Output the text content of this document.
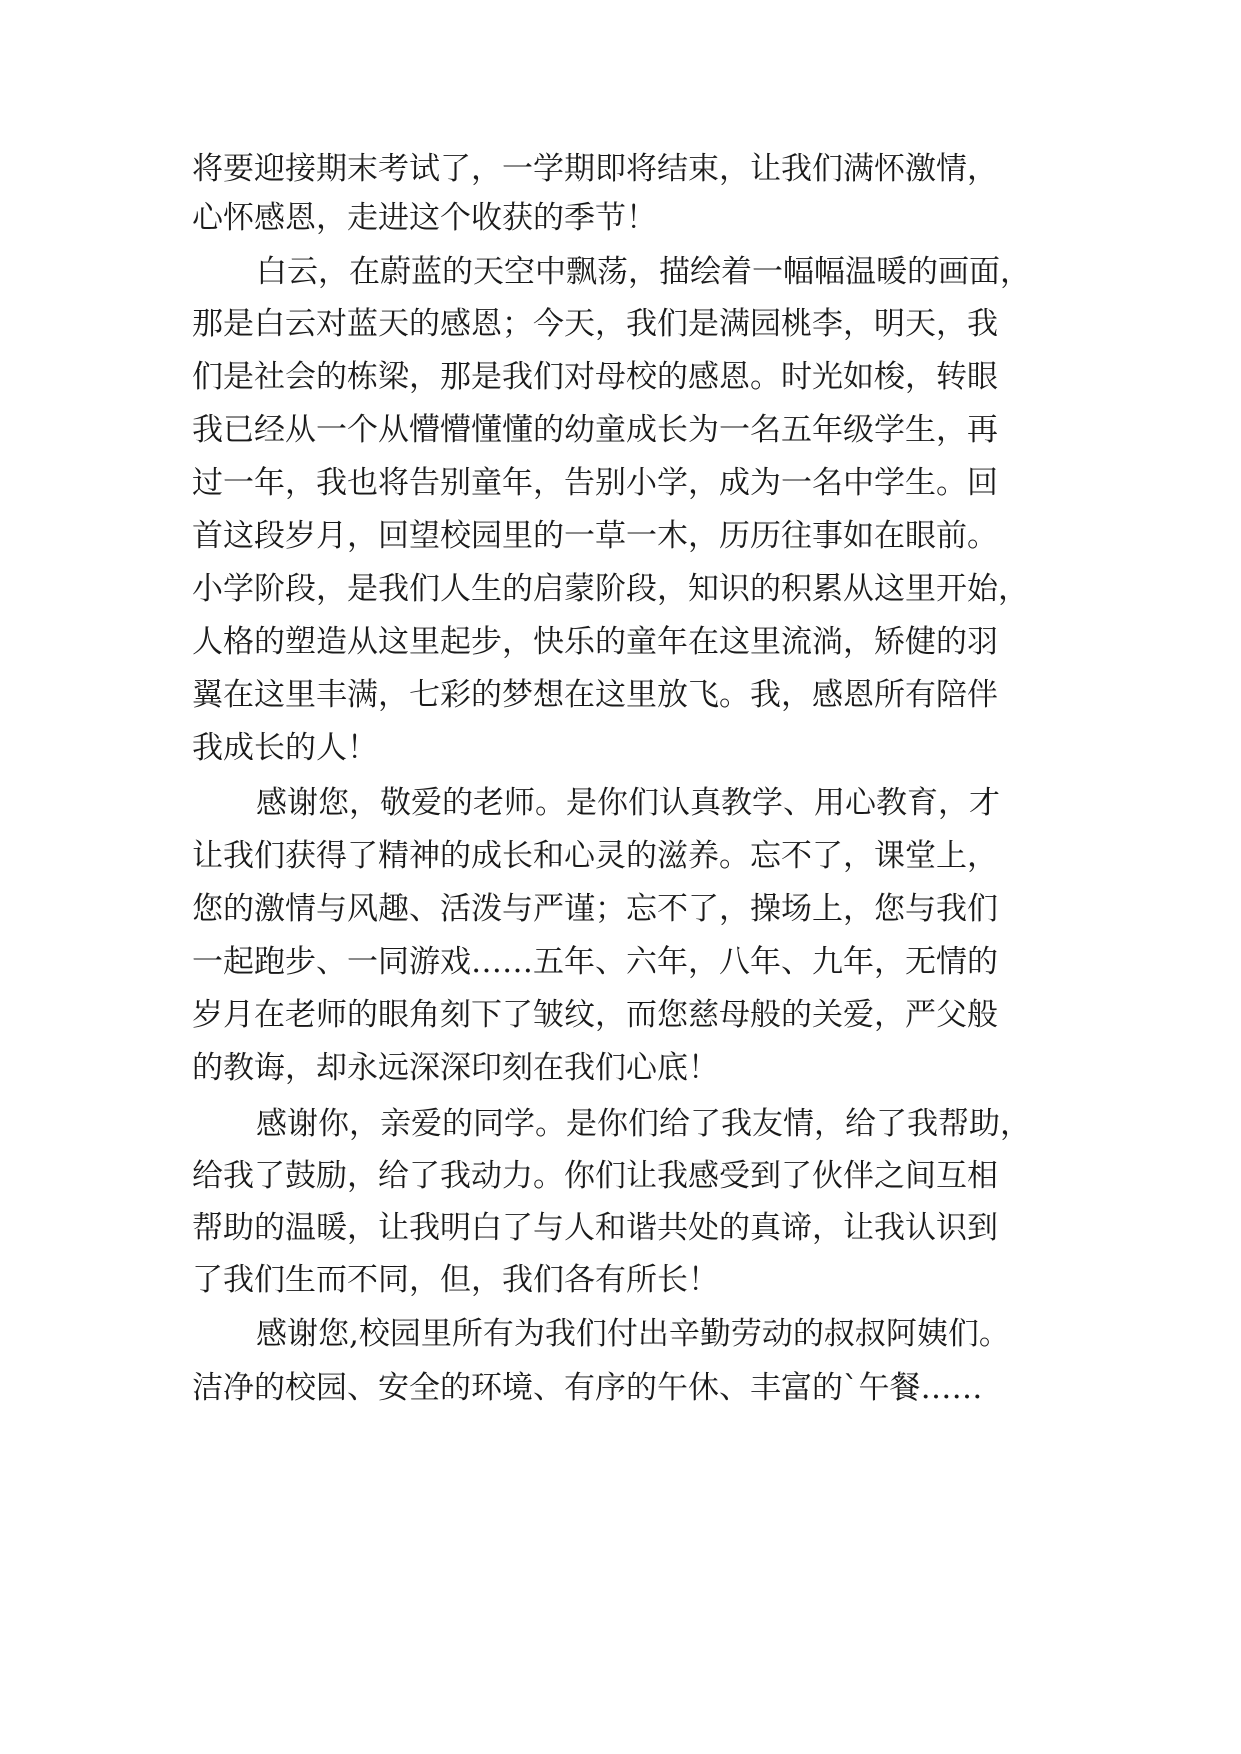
将要迎接期末考试了，一学期即将结束，让我们满怀激情，
心怀感恩，走进这个收获的季节！
白云，在蔚蓝的天空中飘荡，描绘着一幅幅温暖的画面，
那是白云对蓝天的感恩；今天，我们是满园桃李，明天，我
们是社会的栋梁，那是我们对母校的感恩。时光如梭，转眼
我已经从一个从懵懵懂懂的幼童成长为一名五年级学生，再
过一年，我也将告别童年，告别小学，成为一名中学生。回
首这段岁月，回望校园里的一草一木，历历往事如在眼前。
小学阶段，是我们人生的启蒙阶段，知识的积累从这里开始，
人格的塑造从这里起步，快乐的童年在这里流淌，矫健的羽
翼在这里丰满，七彩的梦想在这里放飞。我，感恩所有陪伴
我成长的人！
感谢您，敬爱的老师。是你们认真教学、用心教育，才
让我们获得了精神的成长和心灵的滋养。忘不了，课堂上，
您的激情与风趣、活泼与严谨；忘不了，操场上，您与我们
一起跑步、一同游戏……五年、六年，八年、九年，无情的
岁月在老师的眼角刻下了皱纹，而您慈母般的关爱，严父般
的教诲，却永远深深印刻在我们心底！
感谢你，亲爱的同学。是你们给了我友情，给了我帮助，
给我了鼓励，给了我动力。你们让我感受到了伙伴之间互相
帮助的温暖，让我明白了与人和谐共处的真谛，让我认识到
了我们生而不同，但，我们各有所长！
感谢您,校园里所有为我们付出辛勤劳动的叔叔阿姨们。
洁净的校园、安全的环境、有序的午休、丰富的`午餐……
